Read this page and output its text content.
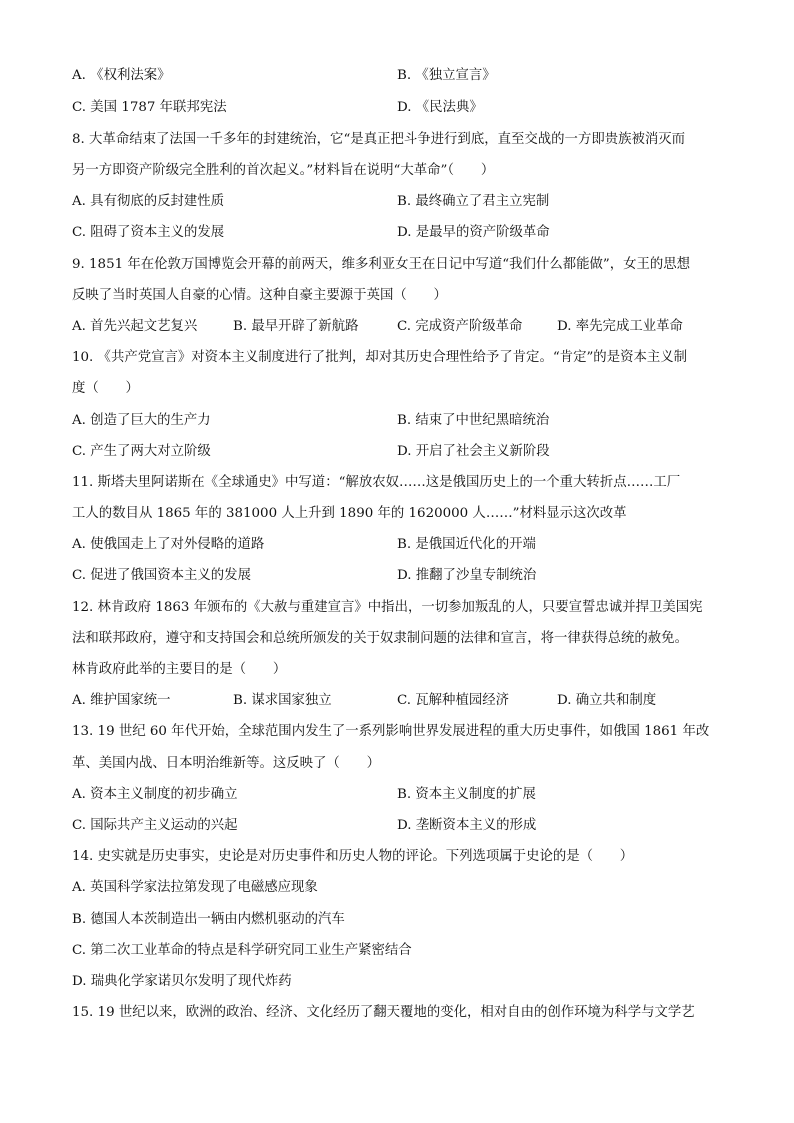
A. 《权利法案》	B. 《独立宣言》
C. 美国 1787 年联邦宪法	D. 《民法典》
8. 大革命结束了法国一千多年的封建统治，它“是真正把斗争进行到底，直至交战的一方即贵族被消灭而
另一方即资产阶级完全胜利的首次起义。”材料旨在说明“大革命”（　　）
A. 具有彻底的反封建性质	B. 最终确立了君主立宪制
C. 阻碍了资本主义的发展	D. 是最早的资产阶级革命
9. 1851 年在伦敦万国博览会开幕的前两天，维多利亚女王在日记中写道“我们什么都能做”，女王的思想
反映了当时英国人自豪的心情。这种自豪主要源于英国（　　）
A. 首先兴起文艺复兴	B. 最早开辟了新航路	C. 完成资产阶级革命	D. 率先完成工业革命
10. 《共产党宣言》对资本主义制度进行了批判，却对其历史合理性给予了肯定。“肯定”的是资本主义制
度（　　）
A. 创造了巨大的生产力	B. 结束了中世纪黑暗统治
C. 产生了两大对立阶级	D. 开启了社会主义新阶段
11. 斯塔夫里阿诺斯在《全球通史》中写道：“解放农奴……这是俄国历史上的一个重大转折点……工厂
工人的数目从 1865 年的 381000 人上升到 1890 年的 1620000 人……”材料显示这次改革
A. 使俄国走上了对外侵略的道路	B. 是俄国近代化的开端
C. 促进了俄国资本主义的发展	D. 推翻了沙皇专制统治
12. 林肯政府 1863 年颁布的《大赦与重建宣言》中指出，一切参加叛乱的人，只要宣誓忠诚并捍卫美国宪
法和联邦政府，遵守和支持国会和总统所颁发的关于奴隶制问题的法律和宣言，将一律获得总统的赦免。
林肯政府此举的主要目的是（　　）
A. 维护国家统一	B. 谋求国家独立	C. 瓦解种植园经济	D. 确立共和制度
13. 19 世纪 60 年代开始，全球范围内发生了一系列影响世界发展进程的重大历史事件，如俄国 1861 年改
革、美国内战、日本明治维新等。这反映了（　　）
A. 资本主义制度的初步确立	B. 资本主义制度的扩展
C. 国际共产主义运动的兴起	D. 垄断资本主义的形成
14. 史实就是历史事实，史论是对历史事件和历史人物的评论。下列选项属于史论的是（　　）
A. 英国科学家法拉第发现了电磁感应现象
B. 德国人本茨制造出一辆由内燃机驱动的汽车
C. 第二次工业革命的特点是科学研究同工业生产紧密结合
D. 瑞典化学家诺贝尔发明了现代炸药
15. 19 世纪以来，欧洲的政治、经济、文化经历了翻天覆地的变化，相对自由的创作环境为科学与文学艺
